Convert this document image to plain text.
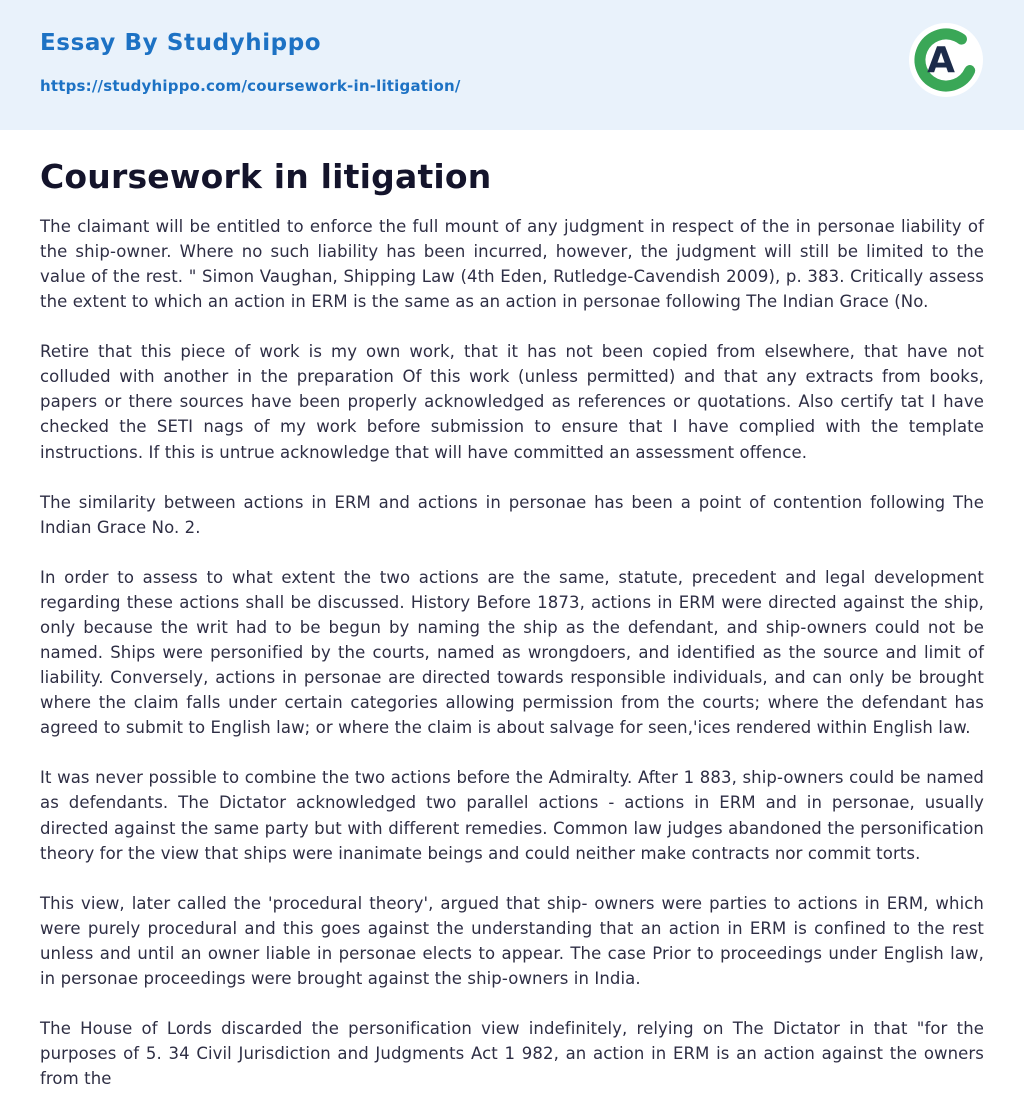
Essay By Studyhippo
https://studyhippo.com/coursework-in-litigation/
A
Coursework in litigation

The claimant will be entitled to enforce the full mount of any judgment in respect of the in personae liability of the ship-owner. Where no such liability has been incurred, however, the judgment will still be limited to the value of the rest. " Simon Vaughan, Shipping Law (4th Eden, Rutledge-Cavendish 2009), p. 383. Critically assess the extent to which an action in ERM is the same as an action in personae following The Indian Grace (No.

Retire that this piece of work is my own work, that it has not been copied from elsewhere, that have not colluded with another in the preparation Of this work (unless permitted) and that any extracts from books, papers or there sources have been properly acknowledged as references or quotations. Also certify tat I have checked the SETI nags of my work before submission to ensure that I have complied with the template instructions. If this is untrue acknowledge that will have committed an assessment offence.

The similarity between actions in ERM and actions in personae has been a point of contention following The Indian Grace No. 2.

In order to assess to what extent the two actions are the same, statute, precedent and legal development regarding these actions shall be discussed. History Before 1873, actions in ERM were directed against the ship, only because the writ had to be begun by naming the ship as the defendant, and ship-owners could not be named. Ships were personified by the courts, named as wrongdoers, and identified as the source and limit of liability. Conversely, actions in personae are directed towards responsible individuals, and can only be brought where the claim falls under certain categories allowing permission from the courts; where the defendant has agreed to submit to English law; or where the claim is about salvage for seen,'ices rendered within English law.

It was never possible to combine the two actions before the Admiralty. After 1 883, ship-owners could be named as defendants. The Dictator acknowledged two parallel actions - actions in ERM and in personae, usually directed against the same party but with different remedies. Common law judges abandoned the personification theory for the view that ships were inanimate beings and could neither make contracts nor commit torts.

This view, later called the 'procedural theory', argued that ship- owners were parties to actions in ERM, which were purely procedural and this goes against the understanding that an action in ERM is confined to the rest unless and until an owner liable in personae elects to appear. The case Prior to proceedings under English law, in personae proceedings were brought against the ship-owners in India.

The House of Lords discarded the personification view indefinitely, relying on The Dictator in that "for the purposes of 5. 34 Civil Jurisdiction and Judgments Act 1 982, an action in ERM is an action against the owners from the
